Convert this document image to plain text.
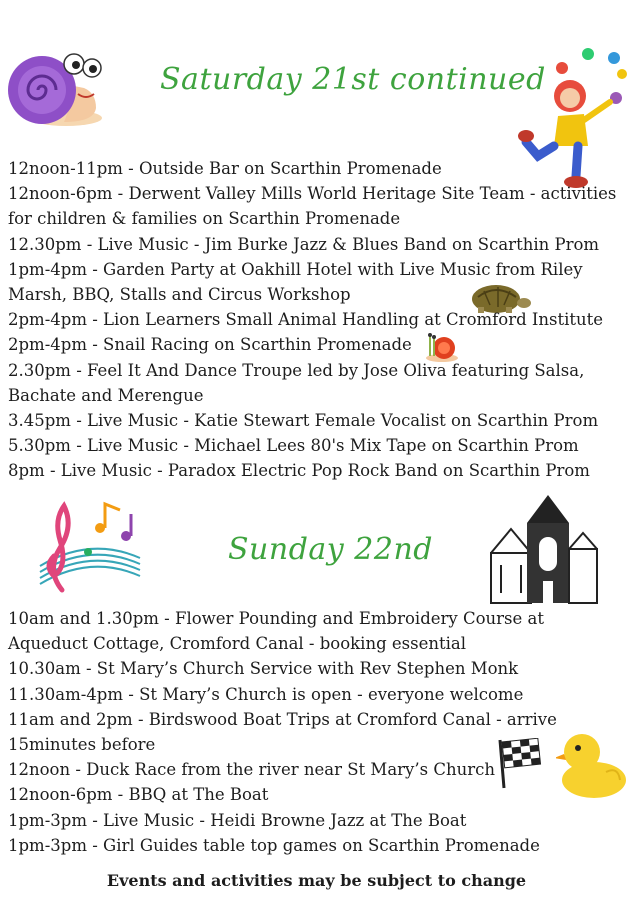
Saturday 21st continued
12noon-11pm - Outside Bar on Scarthin Promenade
12noon-6pm - Derwent Valley Mills World Heritage Site Team - activities for children & families on Scarthin Promenade
12.30pm - Live Music - Jim Burke Jazz & Blues Band on Scarthin Prom
1pm-4pm - Garden Party at Oakhill Hotel with Live Music from Riley Marsh, BBQ, Stalls and Circus Workshop
2pm-4pm - Lion Learners Small Animal Handling at Cromford Institute
2pm-4pm - Snail Racing on Scarthin Promenade
2.30pm - Feel It And Dance Troupe led by Jose Oliva featuring Salsa, Bachate and Merengue
3.45pm - Live Music - Katie Stewart Female Vocalist on Scarthin Prom
5.30pm - Live Music - Michael Lees 80's Mix Tape on Scarthin Prom
8pm - Live Music - Paradox Electric Pop Rock Band on Scarthin Prom
Sunday 22nd
10am and 1.30pm - Flower Pounding and Embroidery Course at Aqueduct Cottage, Cromford Canal - booking essential
10.30am - St Mary’s Church Service with Rev Stephen Monk
11.30am-4pm - St Mary’s Church is open - everyone welcome
11am and 2pm - Birdswood Boat Trips at Cromford Canal - arrive 15minutes before
12noon - Duck Race from the river near St Mary’s Church
12noon-6pm - BBQ at The Boat
1pm-3pm - Live Music - Heidi Browne Jazz at The Boat
1pm-3pm - Girl Guides table top games on Scarthin Promenade
Events and activities may be subject to change
